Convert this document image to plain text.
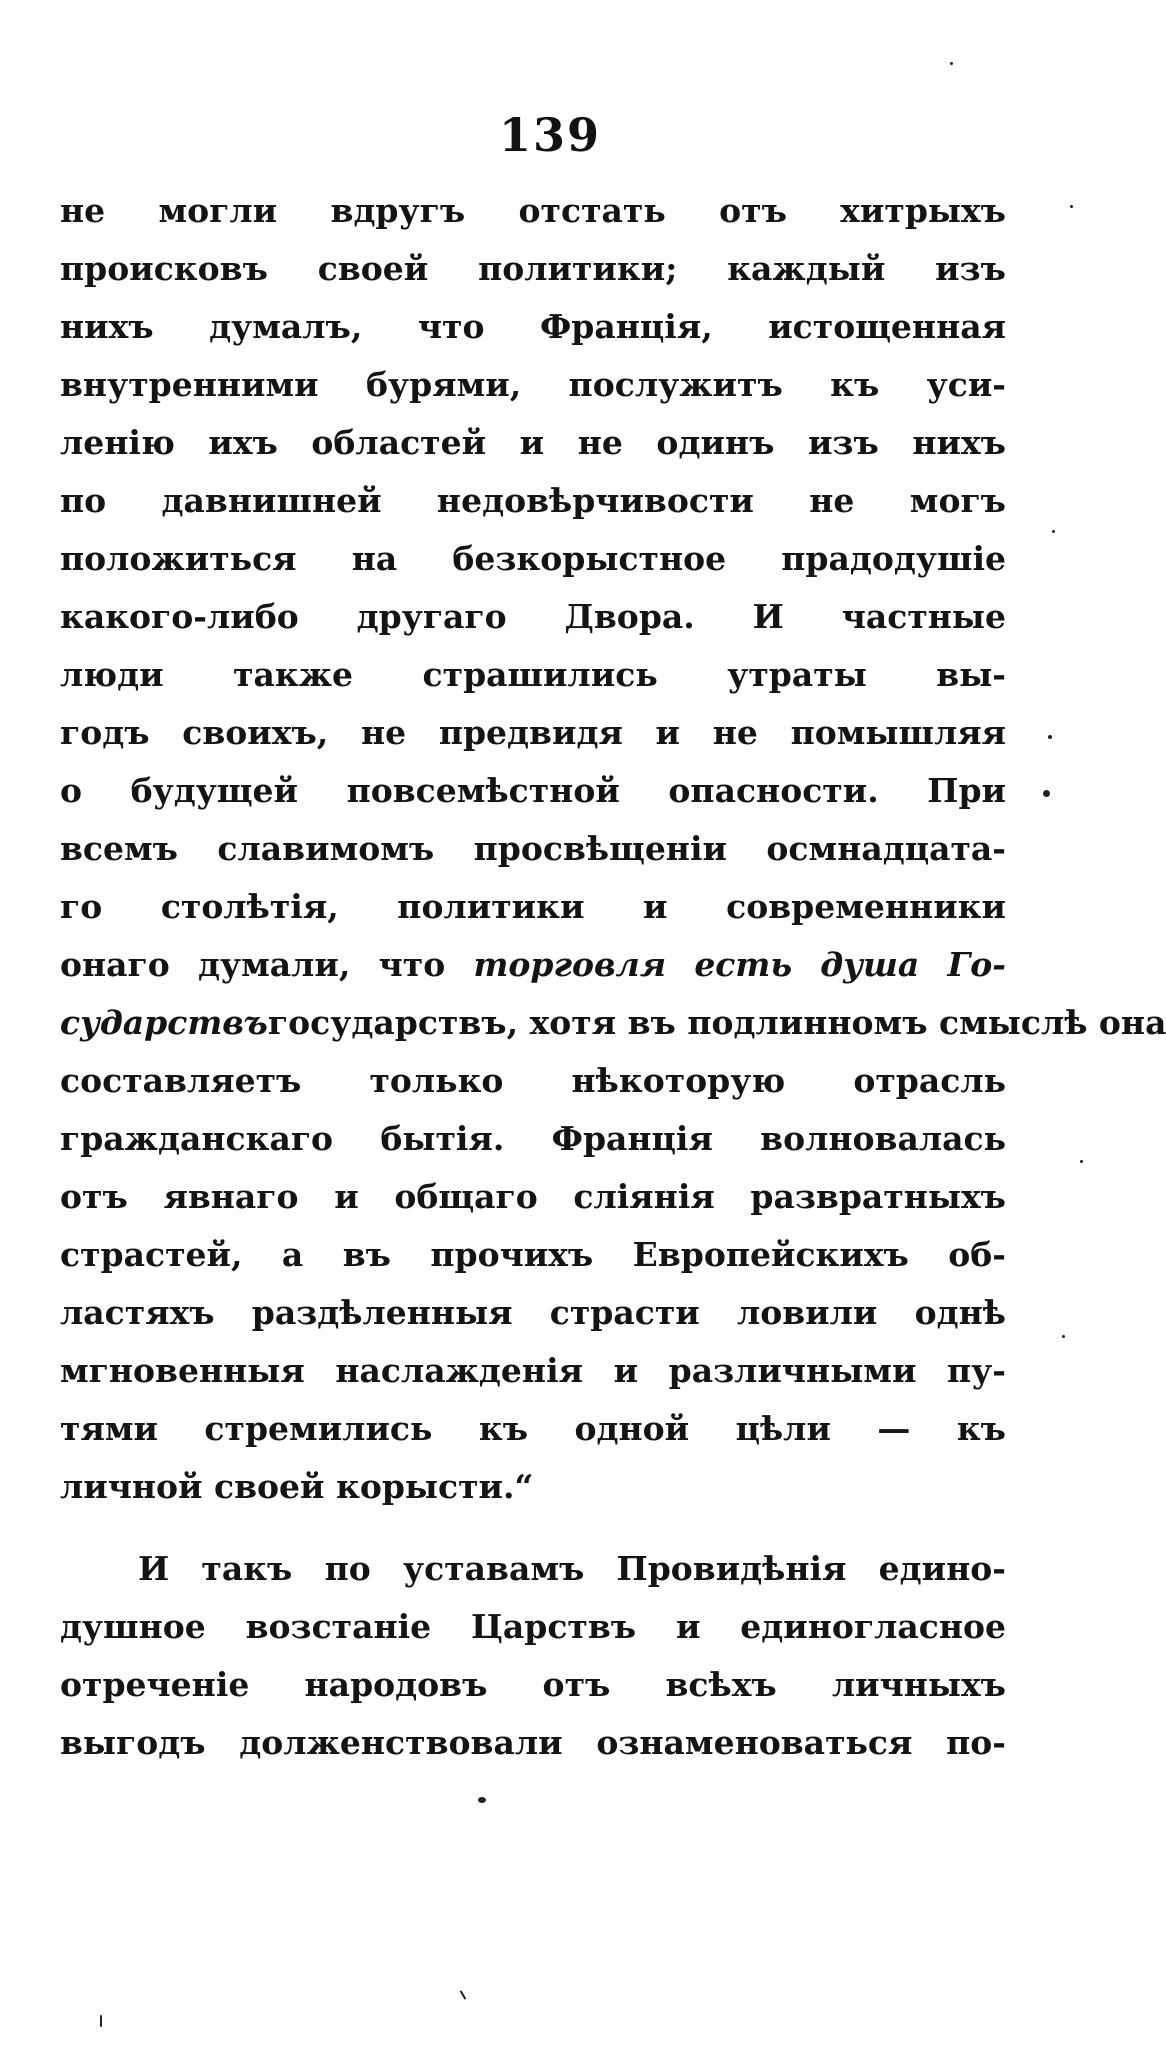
139
не могли вдругъ отстать отъ хитрыхъ
происковъ своей политики; каждый изъ
нихъ думалъ, что Франція, истощенная
внутренними бурями, послужитъ къ уси-
ленію ихъ областей и не одинъ изъ нихъ
по давнишней недовѣрчивости не могъ
положиться на безкорыстное прадодушіе
какого-либо другаго Двора. И частные
люди также страшились утраты вы-
годъ своихъ, не предвидя и не помышляя
о будущей повсемѣстной опасности. При
всемъ славимомъ просвѣщеніи осмнадцата-
го столѣтія, политики и современники
онаго думали, что торговля есть душа Го-
сударствъгосударствъ, хотя въ подлинномъ смыслѣ она
составляетъ только нѣкоторую отрасль
гражданскаго бытія. Франція волновалась
отъ явнаго и общаго сліянія развратныхъ
страстей, а въ прочихъ Европейскихъ об-
ластяхъ раздѣленныя страсти ловили однѣ
мгновенныя наслажденія и различными пу-
тями стремились къ одной цѣли — къ
личной своей корысти.“
И такъ по уставамъ Провидѣнія едино-
душное возстаніе Царствъ и единогласное
отреченіе народовъ отъ всѣхъ личныхъ
выгодъ долженствовали ознаменоваться по-
